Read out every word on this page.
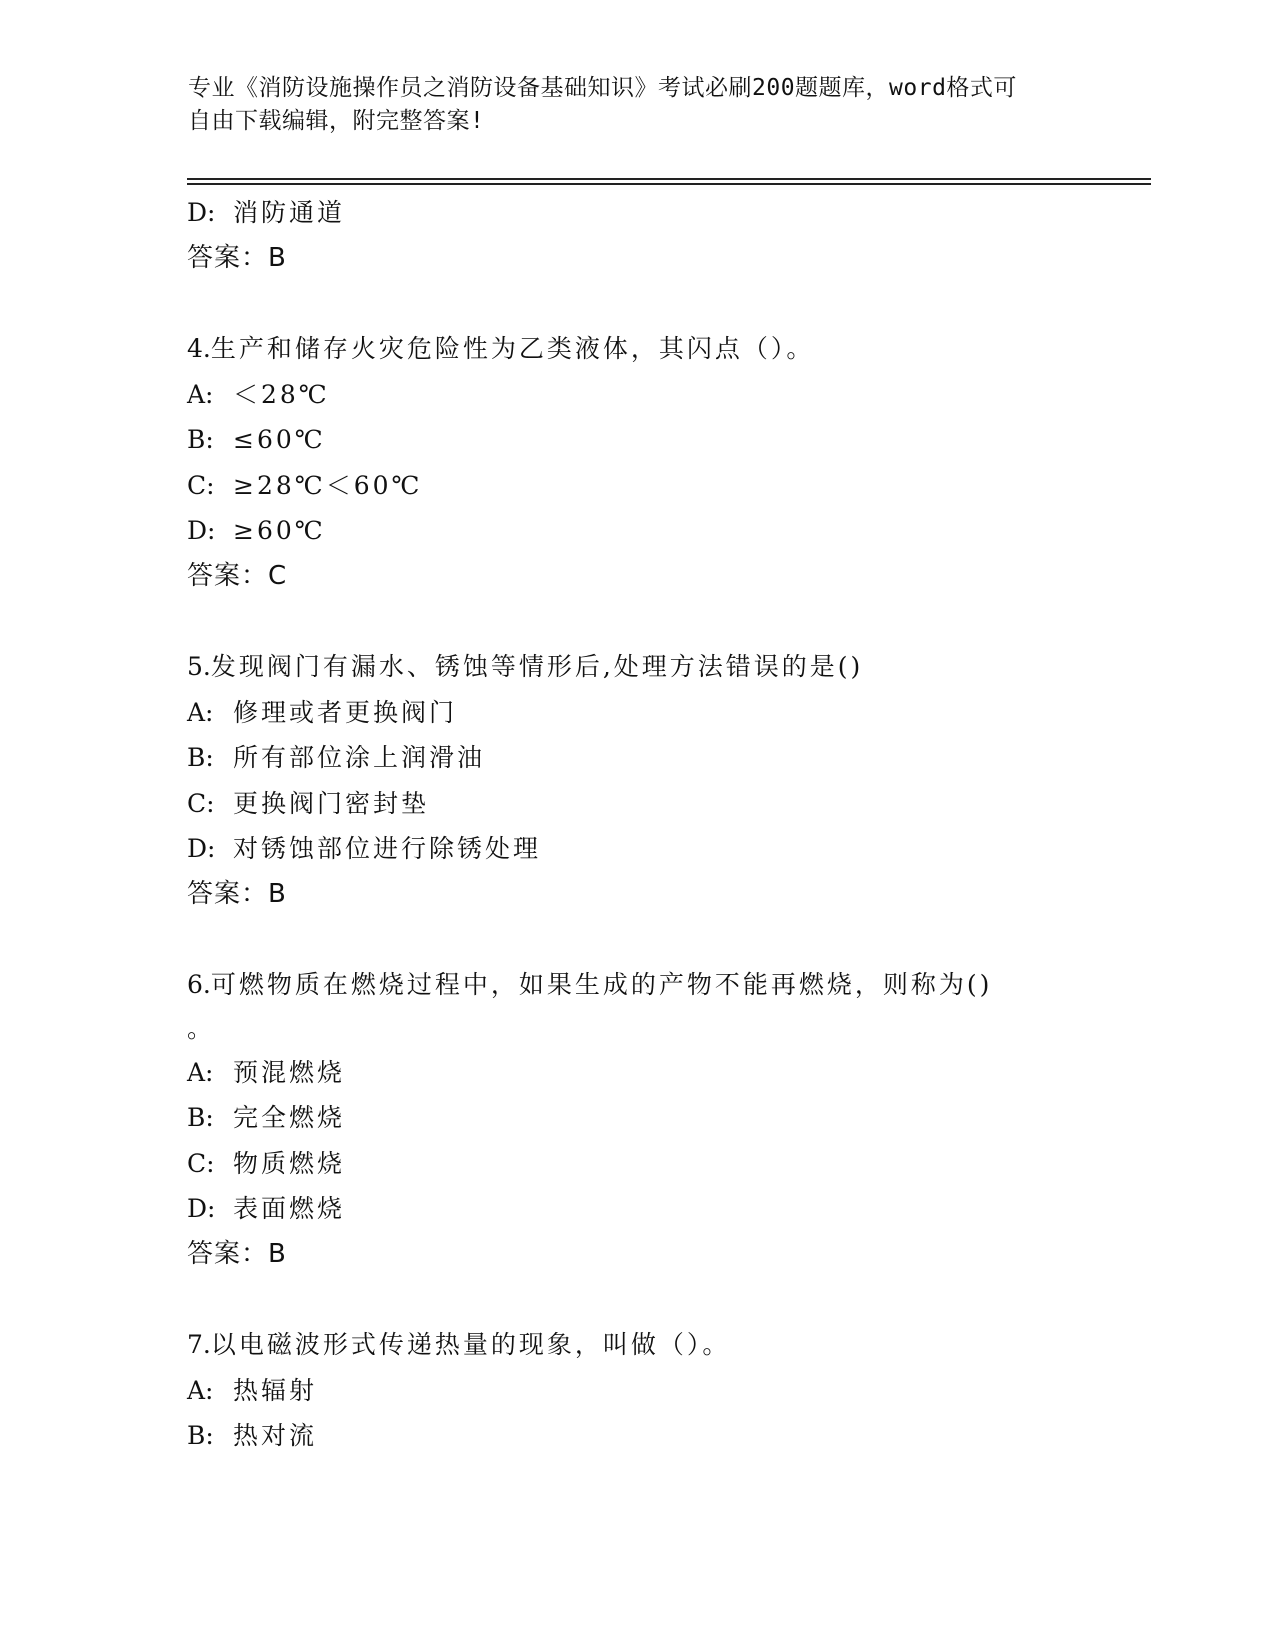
专业《消防设施操作员之消防设备基础知识》考试必刷200题题库，word格式可
自由下载编辑，附完整答案!
D: 消防通道
答案：B
4.生产和储存火灾危险性为乙类液体，其闪点（）。
A: ＜28℃
B: ≤60℃
C: ≥28℃＜60℃
D: ≥60℃
答案：C
5.发现阀门有漏水、锈蚀等情形后,处理方法错误的是()
A: 修理或者更换阀门
B: 所有部位涂上润滑油
C: 更换阀门密封垫
D: 对锈蚀部位进行除锈处理
答案：B
6.可燃物质在燃烧过程中，如果生成的产物不能再燃烧，则称为()
。
A: 预混燃烧
B: 完全燃烧
C: 物质燃烧
D: 表面燃烧
答案：B
7.以电磁波形式传递热量的现象，叫做（）。
A: 热辐射
B: 热对流
